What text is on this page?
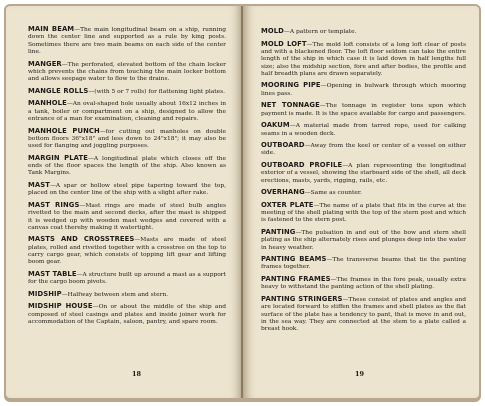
MAIN BEAM—The main longitudinal beam on a ship, running down the center line and supported as a rule by king posts. Sometimes there are two main beams on each side of the center line.

MANGER—The perforated, elevated bottom of the chain locker which prevents the chains from touching the main locker bottom and allows seepage water to flow to the drains.

MANGLE ROLLS—(with 5 or 7 rolls) for flattening light plates.

MANHOLE—An oval-shaped hole usually about 16x12 inches in a tank, boiler or compartment on a ship, designed to allow the entrance of a man for examination, cleaning and repairs.

MANHOLE PUNCH—for cutting out manholes on double bottom floors 36"x18" and less down to 24"x18"; it may also be used for flanging and joggling purposes.

MARGIN PLATE—A longitudinal plate which closes off the ends of the floor spaces the length of the ship. Also known as Tank Margins.

MAST—A spar or hollow steel pipe tapering toward the top, placed on the center line of the ship with a slight after rake.

MAST RINGS—Mast rings are made of steel bulb angles rivetted to the main and second decks, after the mast is shipped it is wedged up with wooden mast wedges and covered with a canvas coat thereby making it watertight.

MASTS AND CROSSTREES—Masts are made of steel plates, rolled and rivetted together with a crosstree on the top to carry cargo gear, which consists of topping lift gear and lifting boom gear.

MAST TABLE—A structure built up around a mast as a support for the cargo boom pivots.

MIDSHIP—Halfway between stem and stern.

MIDSHIP HOUSE—On or about the middle of the ship and composed of steel casings and plates and inside joiner work for accommodation of the Captain, saloon, pantry, and spare room.

18

MOLD—A pattern or template.

MOLD LOFT—The mold loft consists of a long loft clear of posts and with a blackened floor. The loft floor seldom can take the entire length of the ship in which case it is laid down in half lengths full size; also the midship section, fore and after bodies, the profile and half breadth plans are drawn separately.

MOORING PIPE—Opening in bulwark through which mooring lines pass.

NET TONNAGE—The tonnage in register tons upon which payment is made. It is the space available for cargo and passengers.

OAKUM—A material made from tarred rope, used for calking seams in a wooden deck.

OUTBOARD—Away from the keel or center of a vessel on either side.

OUTBOARD PROFILE—A plan representing the longitudinal exterior of a vessel, showing the starboard side of the shell, all deck erections, masts, yards, rigging, rails, etc.

OVERHANG—Same as counter.

OXTER PLATE—The name of a plate that fits in the curve at the meeting of the shell plating with the top of the stern post and which is fastened to the stern post.

PANTING—The pulsation in and out of the bow and stern shell plating as the ship alternately rises and plunges deep into the water in heavy weather.

PANTING BEAMS—The transverse beams that tie the panting frames together.

PANTING FRAMES—The frames in the fore peak, usually extra heavy to withstand the panting action of the shell plating.

PANTING STRINGERS—These consist of plates and angles and are located forward to stiffen the frames and shell plates as the flat surface of the plate has a tendency to pant, that is move in and out, in the sea way. They are connected at the stem to a plate called a breast hook.

19
